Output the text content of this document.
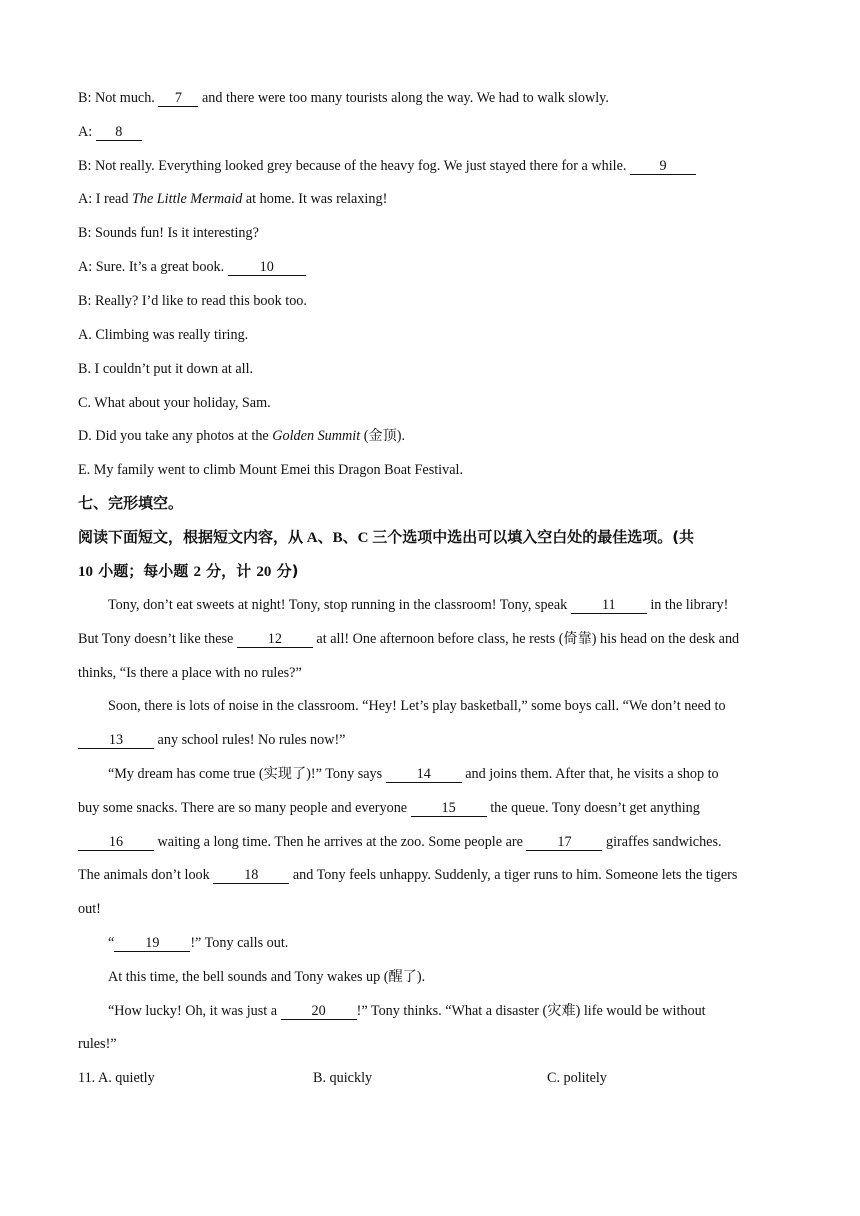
B: Not much. 7 and there were too many tourists along the way. We had to walk slowly.
A: 8
B: Not really. Everything looked grey because of the heavy fog. We just stayed there for a while. 9
A: I read The Little Mermaid at home. It was relaxing!
B: Sounds fun! Is it interesting?
A: Sure. It’s a great book. 10
B: Really? I’d like to read this book too.
A. Climbing was really tiring.
B. I couldn’t put it down at all.
C. What about your holiday, Sam.
D. Did you take any photos at the Golden Summit (金顶).
E. My family went to climb Mount Emei this Dragon Boat Festival.
七、完形填空。
阅读下面短文，根据短文内容，从 A、B、C 三个选项中选出可以填入空白处的最佳选项。(共
10 小题；每小题 2 分，计 20 分)
Tony, don’t eat sweets at night! Tony, stop running in the classroom! Tony, speak 11 in the library!
But Tony doesn’t like these 12 at all! One afternoon before class, he rests (倚靠) his head on the desk and
thinks, “Is there a place with no rules?”
Soon, there is lots of noise in the classroom. “Hey! Let’s play basketball,” some boys call. “We don’t need to
13 any school rules! No rules now!”
“My dream has come true (实现了)!” Tony says 14 and joins them. After that, he visits a shop to
buy some snacks. There are so many people and everyone 15 the queue. Tony doesn’t get anything
16 waiting a long time. Then he arrives at the zoo. Some people are 17 giraffes sandwiches.
The animals don’t look 18 and Tony feels unhappy. Suddenly, a tiger runs to him. Someone lets the tigers
out!
“ 19 !” Tony calls out.
At this time, the bell sounds and Tony wakes up (醒了).
“How lucky! Oh, it was just a 20 !” Tony thinks. “What a disaster (灾难) life would be without
rules!”
11. A. quietly	B. quickly	C. politely
